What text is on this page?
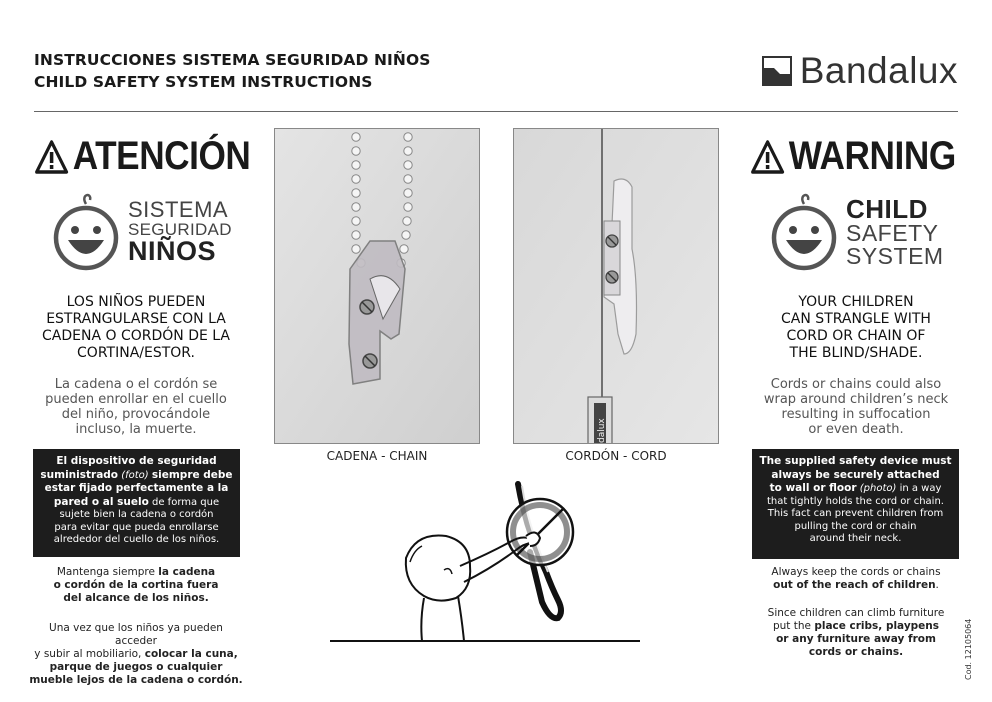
INSTRUCCIONES SISTEMA SEGURIDAD NIÑOS
CHILD SAFETY SYSTEM INSTRUCTIONS	Bandalux
ATENCIÓN
SISTEMA
SEGURIDAD
NIÑOS
LOS NIÑOS PUEDEN
ESTRANGULARSE CON LA
CADENA O CORDÓN DE LA
CORTINA/ESTOR.
La cadena o el cordón se
pueden enrollar en el cuello
del niño, provocándole
incluso, la muerte.
El dispositivo de seguridad
suministrado (foto) siempre debe
estar fijado perfectamente a la
pared o al suelo de forma que
sujete bien la cadena o cordón
para evitar que pueda enrollarse
alrededor del cuello de los niños.
Mantenga siempre la cadena
o cordón de la cortina fuera
del alcance de los niños.
Una vez que los niños ya pueden acceder
y subir al mobiliario, colocar la cuna,
parque de juegos o cualquier
mueble lejos de la cadena o cordón.
CADENA - CHAIN
dalux
CORDÓN - CORD
WARNING
CHILD
SAFETY
SYSTEM
YOUR CHILDREN
CAN STRANGLE WITH
CORD OR CHAIN OF
THE BLIND/SHADE.
Cords or chains could also
wrap around children’s neck
resulting in suffocation
or even death.
The supplied safety device must
always be securely attached
to wall or floor (photo) in a way
that tightly holds the cord or chain.
This fact can prevent children from
pulling the cord or chain
around their neck.
Always keep the cords or chains
out of the reach of children.
Since children can climb furniture
put the place cribs, playpens
or any furniture away from
cords or chains.	Cod. 12105064
